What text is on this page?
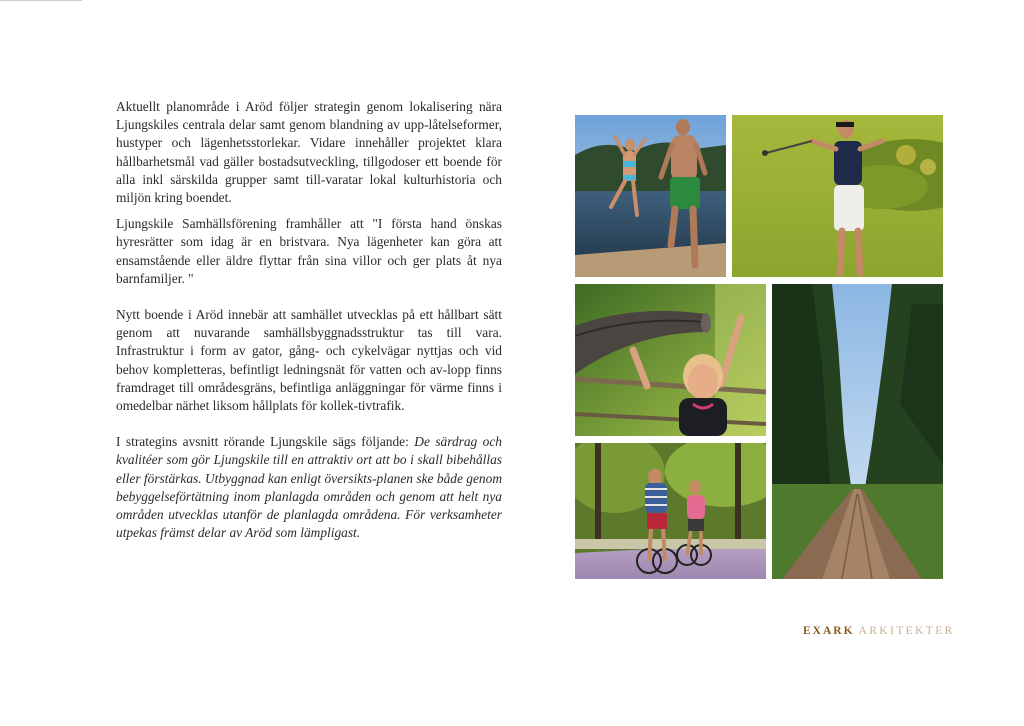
Aktuellt planområde i Aröd följer strategin genom lokalisering nära Ljungskiles centrala delar samt genom blandning av upp-låtelseformer, hustyper och lägenhetsstorlekar. Vidare innehåller projektet klara hållbarhetsmål vad gäller bostadsutveckling, tillgodoser ett boende för alla inkl särskilda grupper samt till-varatar lokal kulturhistoria och miljön kring boendet.

Ljungskile Samhällsförening framhåller att "I första hand önskas hyresrätter som idag är en bristvara. Nya lägenheter kan göra att ensamstående eller äldre flyttar från sina villor och ger plats åt nya barnfamiljer. "

Nytt boende i Aröd innebär att samhället utvecklas på ett hållbart sätt genom att nuvarande samhällsbyggnadsstruktur tas till vara. Infrastruktur i form av gator, gång- och cykelvägar nyttjas och vid behov kompletteras, befintligt ledningsnät för vatten och av-lopp finns framdraget till områdesgräns, befintliga anläggningar för värme finns i omedelbar närhet liksom hållplats för kollek-tivtrafik.

I strategins avsnitt rörande Ljungskile sägs följande: De särdrag och kvalitéer som gör Ljungskile till en attraktiv ort att bo i skall bibehållas eller förstärkas. Utbyggnad kan enligt översikts-planen ske både genom bebyggelseförtätning inom planlagda områden och genom att helt nya områden utvecklas utanför de planlagda områdena. För verksamheter utpekas främst delar av Aröd som lämpligast.

EXARK ARKITEKTER
